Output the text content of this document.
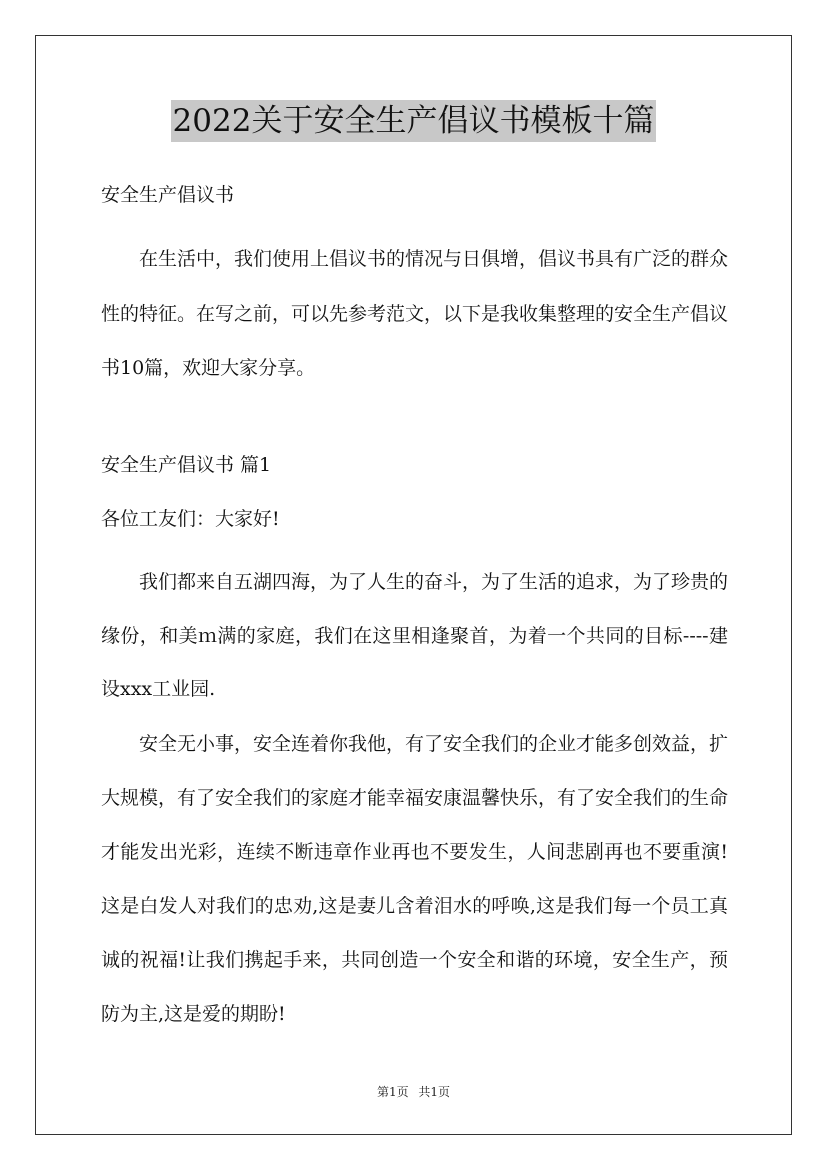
2022关于安全生产倡议书模板十篇
安全生产倡议书
在生活中，我们使用上倡议书的情况与日俱增，倡议书具有广泛的群众性的特征。在写之前，可以先参考范文，以下是我收集整理的安全生产倡议书10篇，欢迎大家分享。
安全生产倡议书 篇1
各位工友们：大家好!
我们都来自五湖四海，为了人生的奋斗，为了生活的追求，为了珍贵的缘份，和美ｍ满的家庭，我们在这里相逢聚首，为着一个共同的目标----建设xxx工业园.
安全无小事，安全连着你我他，有了安全我们的企业才能多创效益，扩大规模，有了安全我们的家庭才能幸福安康温馨快乐，有了安全我们的生命才能发出光彩，连续不断违章作业再也不要发生，人间悲剧再也不要重演!这是白发人对我们的忠劝,这是妻儿含着泪水的呼唤,这是我们每一个员工真诚的祝福!让我们携起手来，共同创造一个安全和谐的环境，安全生产，预防为主,这是爱的期盼!
第1页 共1页
